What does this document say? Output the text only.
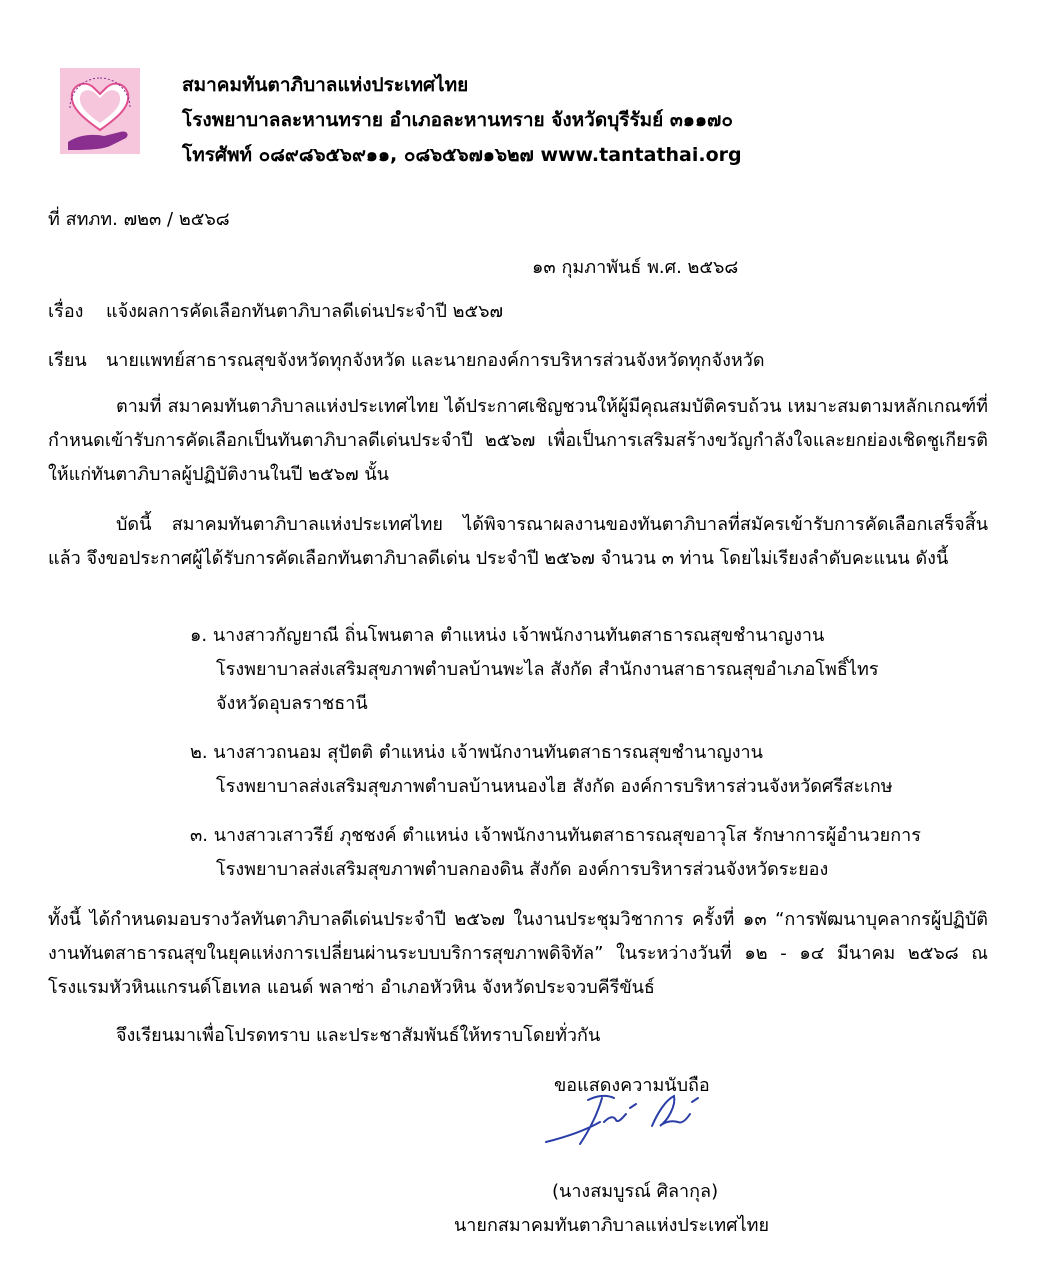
สมาคมทันตาภิบาลแห่งประเทศไทย
โรงพยาบาลละหานทราย อำเภอละหานทราย จังหวัดบุรีรัมย์ ๓๑๑๗๐
โทรศัพท์ ๐๘๙๘๖๕๖๙๑๑, ๐๘๖๕๖๗๑๖๒๗ www.tantathai.org
ที่ สทภท. ๗๒๓ / ๒๕๖๘
๑๓ กุมภาพันธ์ พ.ศ. ๒๕๖๘
เรื่อง แจ้งผลการคัดเลือกทันตาภิบาลดีเด่นประจำปี ๒๕๖๗
เรียน นายแพทย์สาธารณสุขจังหวัดทุกจังหวัด และนายกองค์การบริหารส่วนจังหวัดทุกจังหวัด
ตามที่ สมาคมทันตาภิบาลแห่งประเทศไทย ได้ประกาศเชิญชวนให้ผู้มีคุณสมบัติครบถ้วน เหมาะสมตามหลักเกณฑ์ที่กำหนดเข้ารับการคัดเลือกเป็นทันตาภิบาลดีเด่นประจำปี ๒๕๖๗ เพื่อเป็นการเสริมสร้างขวัญกำลังใจและยกย่องเชิดชูเกียรติให้แก่ทันตาภิบาลผู้ปฏิบัติงานในปี ๒๕๖๗ นั้น
บัดนี้ สมาคมทันตาภิบาลแห่งประเทศไทย ได้พิจารณาผลงานของทันตาภิบาลที่สมัครเข้ารับการคัดเลือกเสร็จสิ้นแล้ว จึงขอประกาศผู้ได้รับการคัดเลือกทันตาภิบาลดีเด่น ประจำปี ๒๕๖๗ จำนวน ๓ ท่าน โดยไม่เรียงลำดับคะแนน ดังนี้
๑. นางสาวกัญยาณี ถิ่นโพนตาล ตำแหน่ง เจ้าพนักงานทันตสาธารณสุขชำนาญงาน
โรงพยาบาลส่งเสริมสุขภาพตำบลบ้านพะไล สังกัด สำนักงานสาธารณสุขอำเภอโพธิ์ไทร
จังหวัดอุบลราชธานี
๒. นางสาวถนอม สุปัตติ ตำแหน่ง เจ้าพนักงานทันตสาธารณสุขชำนาญงาน
โรงพยาบาลส่งเสริมสุขภาพตำบลบ้านหนองไฮ สังกัด องค์การบริหารส่วนจังหวัดศรีสะเกษ
๓. นางสาวเสาวรีย์ ภุชชงค์ ตำแหน่ง เจ้าพนักงานทันตสาธารณสุขอาวุโส รักษาการผู้อำนวยการ
โรงพยาบาลส่งเสริมสุขภาพตำบลกองดิน สังกัด องค์การบริหารส่วนจังหวัดระยอง
ทั้งนี้ ได้กำหนดมอบรางวัลทันตาภิบาลดีเด่นประจำปี ๒๕๖๗ ในงานประชุมวิชาการ ครั้งที่ ๑๓ “การพัฒนาบุคลากรผู้ปฏิบัติงานทันตสาธารณสุขในยุคแห่งการเปลี่ยนผ่านระบบบริการสุขภาพดิจิทัล” ในระหว่างวันที่ ๑๒ - ๑๔ มีนาคม ๒๕๖๘ ณ โรงแรมหัวหินแกรนด์โฮเทล แอนด์ พลาซ่า อำเภอหัวหิน จังหวัดประจวบคีรีขันธ์
จึงเรียนมาเพื่อโปรดทราบ และประชาสัมพันธ์ให้ทราบโดยทั่วกัน
ขอแสดงความนับถือ
(นางสมบูรณ์ ศิลากุล)
นายกสมาคมทันตาภิบาลแห่งประเทศไทย
